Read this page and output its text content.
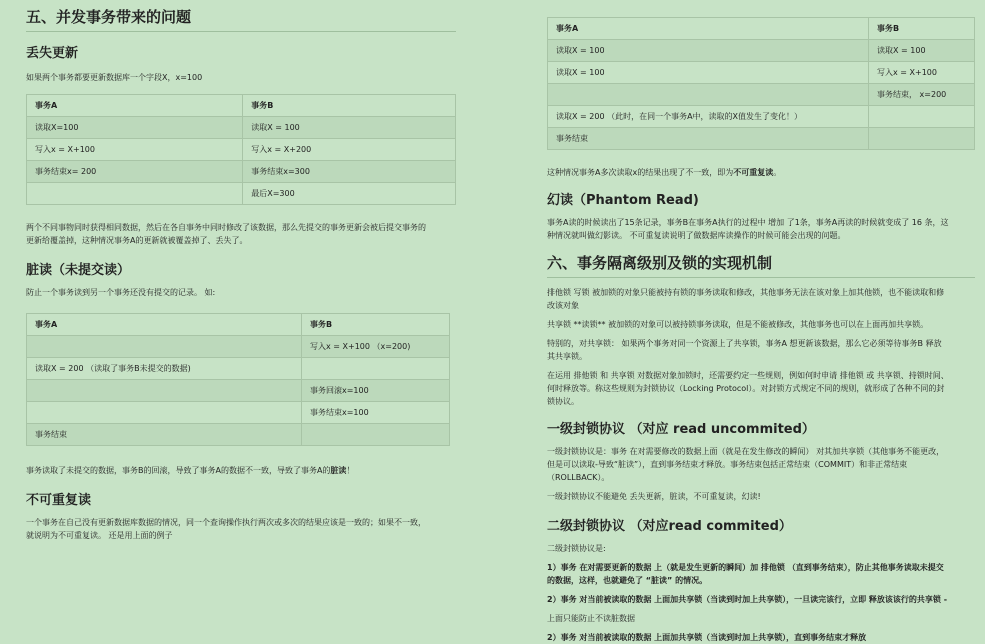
五、并发事务带来的问题
丢失更新

如果两个事务都要更新数据库一个字段X，x=100

事务A	事务B
读取X=100	读取X = 100
写入x = X+100	写入x = X+200
事务结束x= 200	事务结束x=300
	最后X=300

两个不同事物同时获得相同数据，然后在各自事务中同时修改了该数据，那么先提交的事务更新会被后提交事务的
更新给覆盖掉，这种情况事务A的更新就被覆盖掉了、丢失了。

脏读（未提交读）

防止一个事务读到另一个事务还没有提交的记录。 如:

事务A	事务B
	写入x = X+100 （x=200)
读取X = 200 （读取了事务B未提交的数据)	
	事务回滚x=100
	事务结束x=100
事务结束	

事务读取了未提交的数据，事务B的回滚，导致了事务A的数据不一致，导致了事务A的脏读！

不可重复读

一个事务在自己没有更新数据库数据的情况，同一个查询操作执行两次或多次的结果应该是一致的；如果不一致，
就说明为不可重复读。 还是用上面的例子

事务A	事务B
读取X = 100	读取X = 100
读取X = 100	写入x = X+100
	事务结束， x=200
读取X = 200 （此时，在同一个事务A中，读取的X值发生了变化！）	
事务结束	

这种情况事务A多次读取x的结果出现了不一致，即为不可重复读。

幻读（Phantom Read)

事务A读的时候读出了15条记录，事务B在事务A执行的过程中 增加 了1条，事务A再读的时候就变成了 16 条，这
种情况就叫做幻影读。 不可重复读说明了做数据库读操作的时候可能会出现的问题。

六、事务隔离级别及锁的实现机制

排他锁 写锁 被加锁的对象只能被持有锁的事务读取和修改，其他事务无法在该对象上加其他锁，也不能读取和修
改该对象

共享锁 **读锁** 被加锁的对象可以被持锁事务读取，但是不能被修改，其他事务也可以在上面再加共享锁。

特别的，对共享锁： 如果两个事务对同一个资源上了共享锁，事务A 想更新该数据，那么它必须等待事务B 释放
其共享锁。

在运用 排他锁 和 共享锁 对数据对象加锁时，还需要约定一些规则，例如何时申请 排他锁 或 共享锁、持锁时间、
何时释放等。称这些规则为封锁协议（Locking Protocol）。对封锁方式规定不同的规则，就形成了各种不同的封
锁协议。

一级封锁协议 （对应 read uncommited）

一级封锁协议是：事务 在对需要修改的数据上面（就是在发生修改的瞬间） 对其加共享锁（其他事务不能更改，
但是可以读取-导致“脏读”），直到事务结束才释放。事务结束包括正常结束（COMMIT）和非正常结束
（ROLLBACK）。

一级封锁协议不能避免 丢失更新，脏读，不可重复读，幻读!

二级封锁协议 （对应read commited）

二级封锁协议是:

1）事务 在对需要更新的数据 上（就是发生更新的瞬间）加 排他锁 （直到事务结束），防止其他事务读取未提交
的数据，这样，也就避免了 “脏读” 的情况。

2）事务 对当前被读取的数据 上面加共享锁（当读到时加上共享锁），一旦读完该行，立即 释放该该行的共享锁 -

上面只能防止不读脏数据

2）事务 对当前被读取的数据 上面加共享锁（当读到时加上共享锁），直到事务结束才释放
